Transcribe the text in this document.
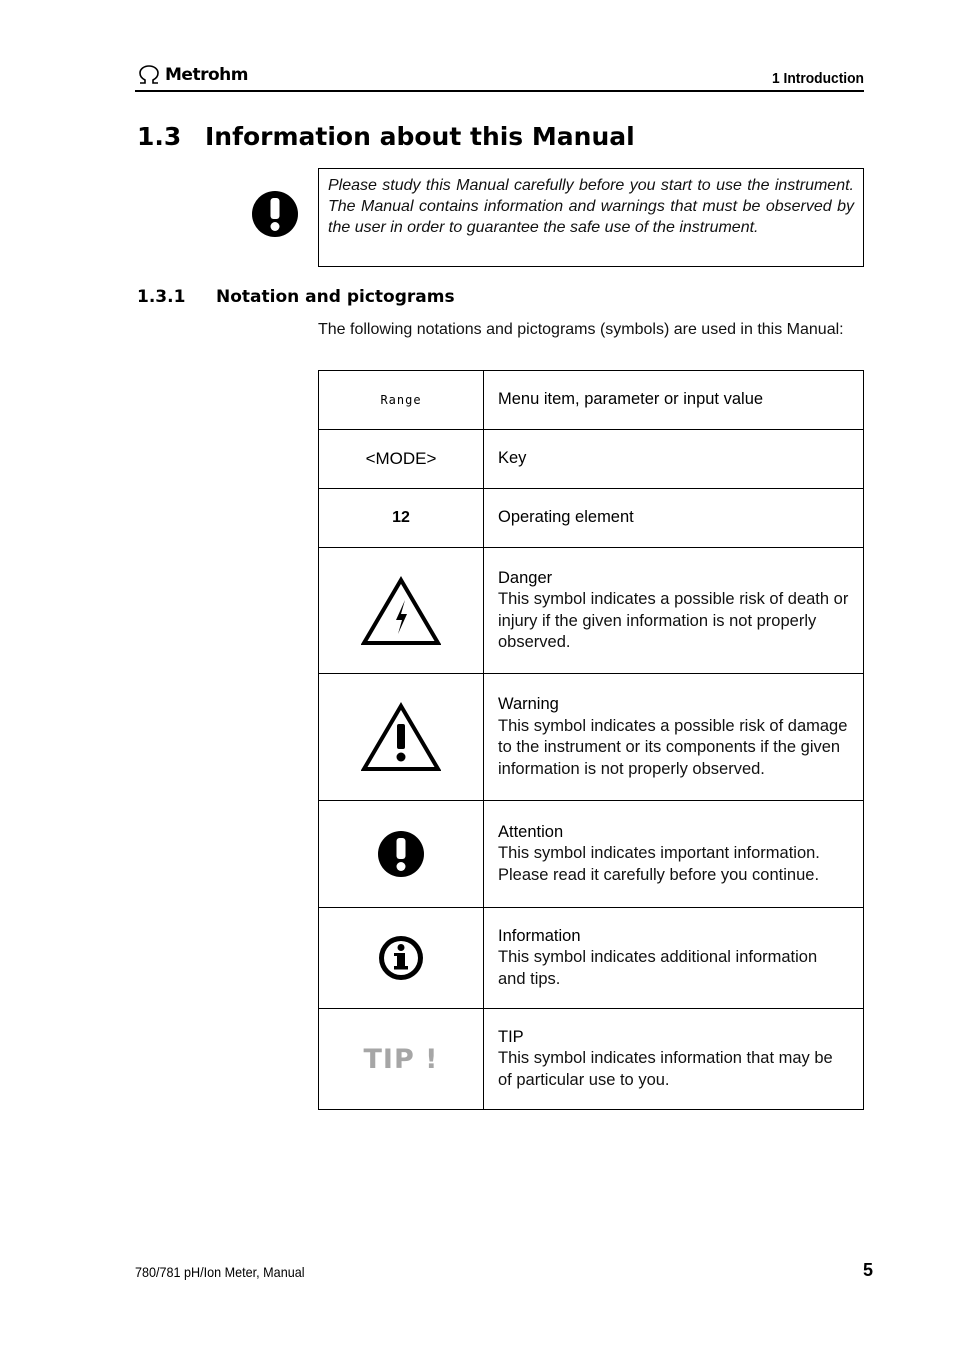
Metrohm	1 Introduction
1.3 Information about this Manual
Please study this Manual carefully before you start to use the instrument. The Manual contains information and warnings that must be observed by the user in order to guarantee the safe use of the instrument.
1.3.1 Notation and pictograms

The following notations and pictograms (symbols) are used in this Manual:

Range	Menu item, parameter or input value
<MODE>	Key
12	Operating element

Danger
This symbol indicates a possible risk of death or injury if the given information is not properly observed.

Warning
This symbol indicates a possible risk of damage to the instrument or its components if the given information is not properly observed.

Attention
This symbol indicates important information. Please read it carefully before you continue.

Information
This symbol indicates additional information and tips.

TIP !	TIP
This symbol indicates information that may be of particular use to you.
780/781 pH/Ion Meter, Manual	5
